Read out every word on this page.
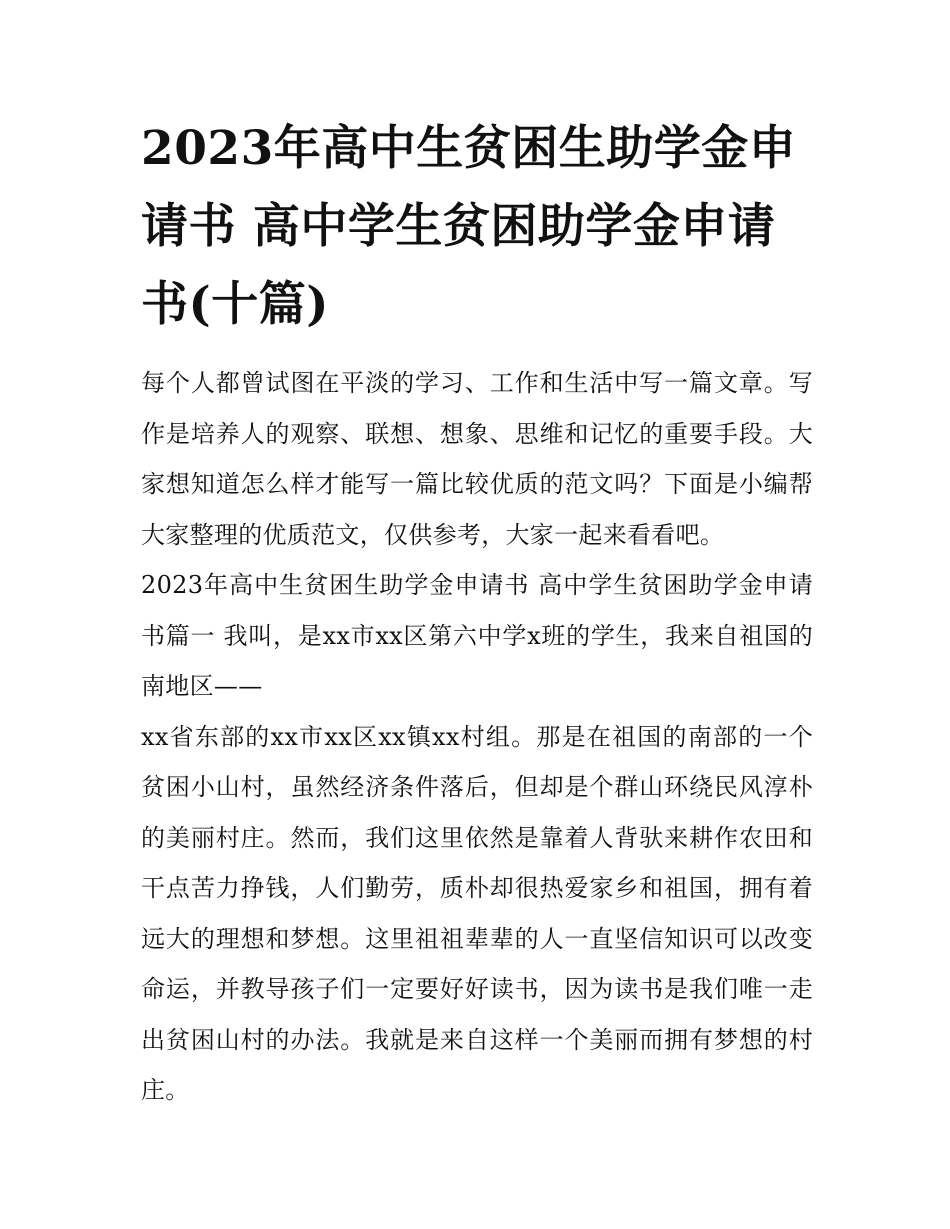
2023年高中生贫困生助学金申请书 高中学生贫困助学金申请书(十篇)

每个人都曾试图在平淡的学习、工作和生活中写一篇文章。写作是培养人的观察、联想、想象、思维和记忆的重要手段。大家想知道怎么样才能写一篇比较优质的范文吗？下面是小编帮大家整理的优质范文，仅供参考，大家一起来看看吧。

2023年高中生贫困生助学金申请书 高中学生贫困助学金申请书篇一 我叫，是xx市xx区第六中学x班的学生，我来自祖国的南地区——

xx省东部的xx市xx区xx镇xx村组。那是在祖国的南部的一个贫困小山村，虽然经济条件落后，但却是个群山环绕民风淳朴的美丽村庄。然而，我们这里依然是靠着人背驮来耕作农田和干点苦力挣钱，人们勤劳，质朴却很热爱家乡和祖国，拥有着远大的理想和梦想。这里祖祖辈辈的人一直坚信知识可以改变命运，并教导孩子们一定要好好读书，因为读书是我们唯一走出贫困山村的办法。我就是来自这样一个美丽而拥有梦想的村庄。
